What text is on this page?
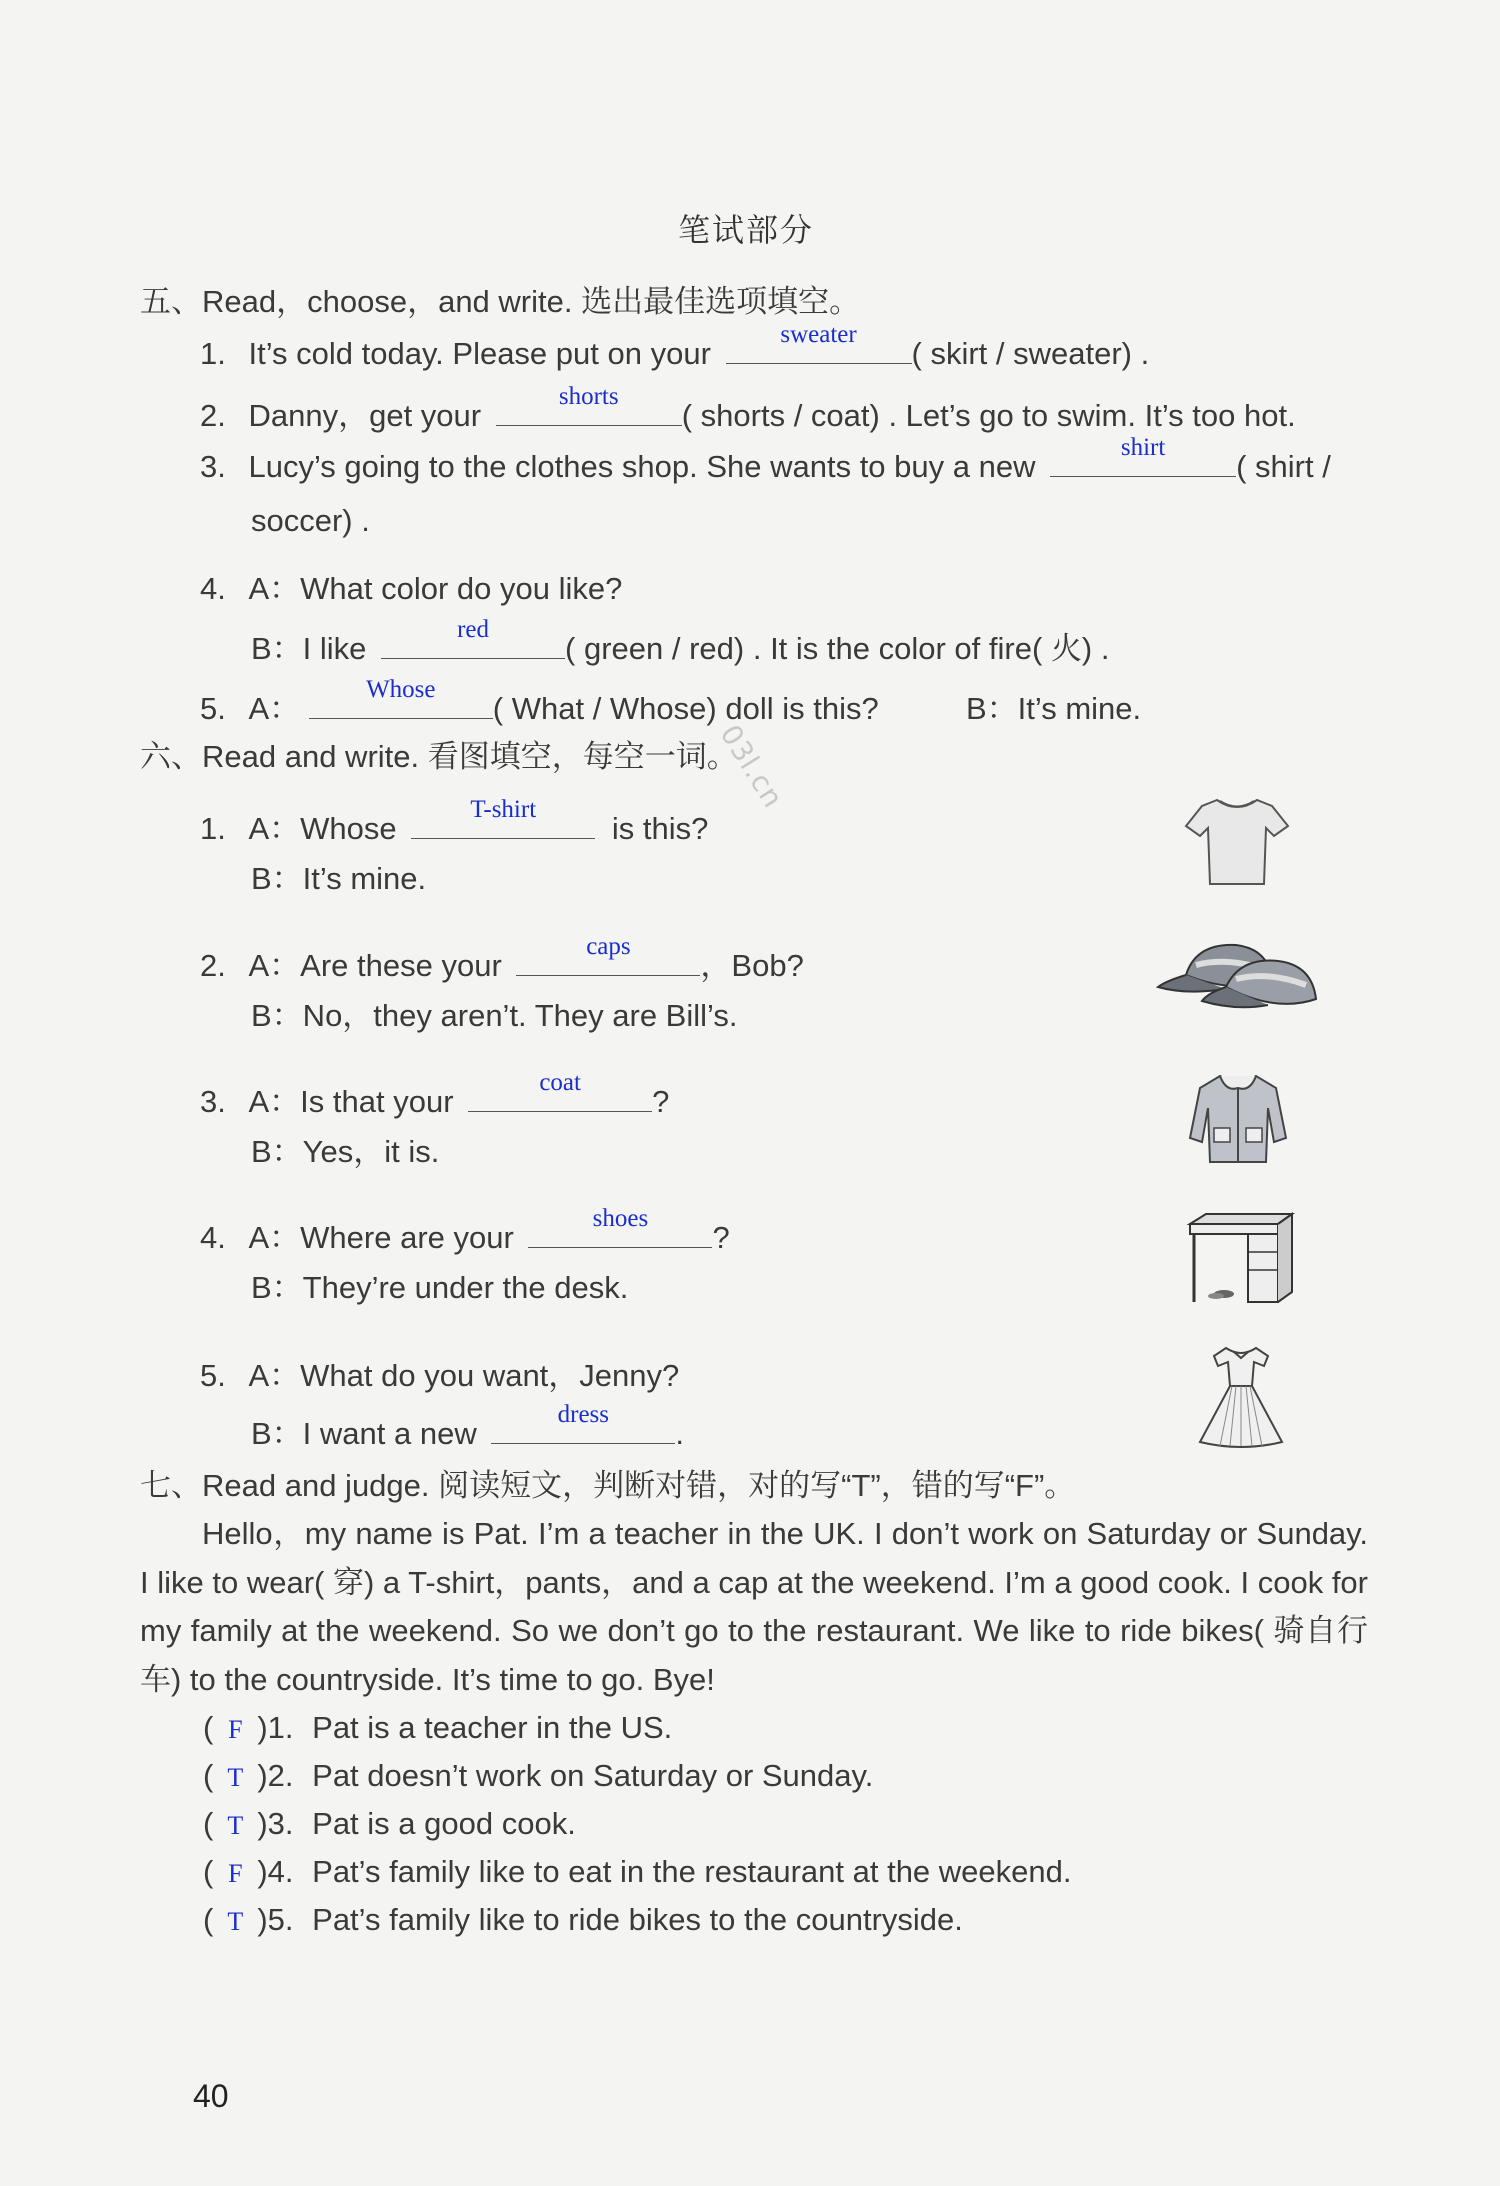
笔试部分
五、Read，choose，and write. 选出最佳选项填空。
1. It’s cold today. Please put on your
sweater
( skirt / sweater) .
2. Danny，get your
shorts
( shorts / coat) . Let’s go to swim. It’s too hot.
3. Lucy’s going to the clothes shop. She wants to buy a new
shirt
( shirt /
soccer) .
4. A：What color do you like?
B：I like
red
( green / red) . It is the color of fire( 火) .
5. A：
Whose
( What / Whose) doll is this?	B：It’s mine.
六、Read and write. 看图填空，每空一词。
03l.cn
1. A：Whose
T-shirt
is this?
B：It’s mine.
2. A：Are these your
caps
，Bob?
B：No，they aren’t. They are Bill’s.
3. A：Is that your
coat
?
B：Yes，it is.
4. A：Where are your
shoes
?
B：They’re under the desk.
5. A：What do you want，Jenny?
B：I want a new
dress
.
七、Read and judge. 阅读短文，判断对错，对的写“T”，错的写“F”。
Hello，my name is Pat. I’m a teacher in the UK. I don’t work on Saturday or Sunday. I like to wear( 穿) a T-shirt，pants，and a cap at the weekend. I’m a good cook. I cook for my family at the weekend. So we don’t go to the restaurant. We like to ride bikes( 骑自行车) to the countryside. It’s time to go. Bye!
( F )1. Pat is a teacher in the US.
( T )2. Pat doesn’t work on Saturday or Sunday.
( T )3. Pat is a good cook.
( F )4. Pat’s family like to eat in the restaurant at the weekend.
( T )5. Pat’s family like to ride bikes to the countryside.
40
